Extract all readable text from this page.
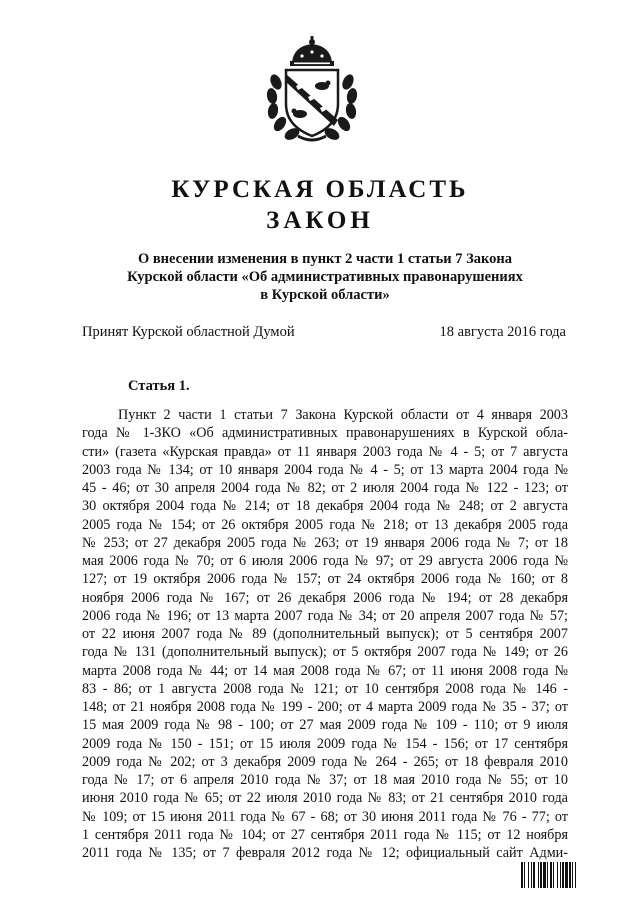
КУРСКАЯ ОБЛАСТЬ
ЗАКОН
О внесении изменения в пункт 2 части 1 статьи 7 Закона
Курской области «Об административных правонарушениях
в Курской области»
Принят Курской областной Думой	18 августа 2016 года
Статья 1.
Пункт 2 части 1 статьи 7 Закона Курской области от 4 января 2003
года № 1-ЗКО «Об административных правонарушениях в Курской обла-
сти» (газета «Курская правда» от 11 января 2003 года № 4 - 5; от 7 августа
2003 года № 134; от 10 января 2004 года № 4 - 5; от 13 марта 2004 года №
45 - 46; от 30 апреля 2004 года № 82; от 2 июля 2004 года № 122 - 123; от
30 октября 2004 года № 214; от 18 декабря 2004 года № 248; от 2 августа
2005 года № 154; от 26 октября 2005 года № 218; от 13 декабря 2005 года
№ 253; от 27 декабря 2005 года № 263; от 19 января 2006 года № 7; от 18
мая 2006 года № 70; от 6 июля 2006 года № 97; от 29 августа 2006 года №
127; от 19 октября 2006 года № 157; от 24 октября 2006 года № 160; от 8
ноября 2006 года № 167; от 26 декабря 2006 года № 194; от 28 декабря
2006 года № 196; от 13 марта 2007 года № 34; от 20 апреля 2007 года № 57;
от 22 июня 2007 года № 89 (дополнительный выпуск); от 5 сентября 2007
года № 131 (дополнительный выпуск); от 5 октября 2007 года № 149; от 26
марта 2008 года № 44; от 14 мая 2008 года № 67; от 11 июня 2008 года №
83 - 86; от 1 августа 2008 года № 121; от 10 сентября 2008 года № 146 -
148; от 21 ноября 2008 года № 199 - 200; от 4 марта 2009 года № 35 - 37; от
15 мая 2009 года № 98 - 100; от 27 мая 2009 года № 109 - 110; от 9 июля
2009 года № 150 - 151; от 15 июля 2009 года № 154 - 156; от 17 сентября
2009 года № 202; от 3 декабря 2009 года № 264 - 265; от 18 февраля 2010
года № 17; от 6 апреля 2010 года № 37; от 18 мая 2010 года № 55; от 10
июня 2010 года № 65; от 22 июля 2010 года № 83; от 21 сентября 2010 года
№ 109; от 15 июня 2011 года № 67 - 68; от 30 июня 2011 года № 76 - 77; от
1 сентября 2011 года № 104; от 27 сентября 2011 года № 115; от 12 ноября
2011 года № 135; от 7 февраля 2012 года № 12; официальный сайт Адми-
